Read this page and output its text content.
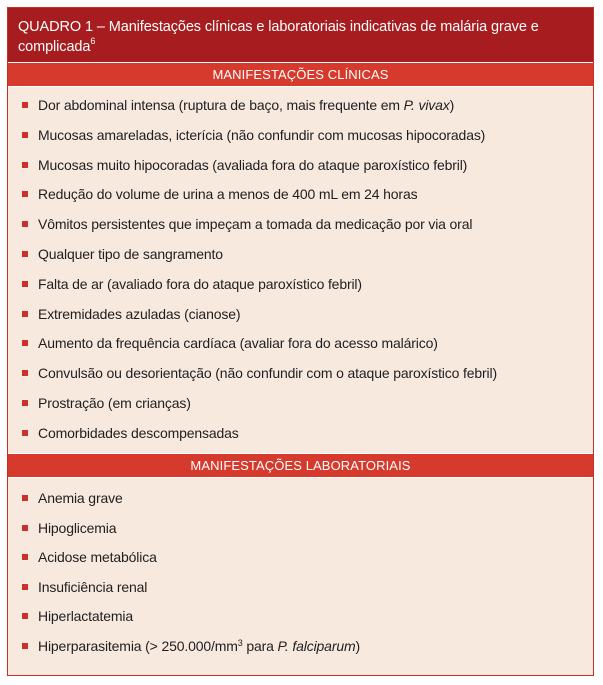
QUADRO 1 – Manifestações clínicas e laboratoriais indicativas de malária grave e complicada$^6$
MANIFESTAÇÕES CLÍNICAS
Dor abdominal intensa (ruptura de baço, mais frequente em P. vivax)
Mucosas amareladas, icterícia (não confundir com mucosas hipocoradas)
Mucosas muito hipocoradas (avaliada fora do ataque paroxístico febril)
Redução do volume de urina a menos de 400 mL em 24 horas
Vômitos persistentes que impeçam a tomada da medicação por via oral
Qualquer tipo de sangramento
Falta de ar (avaliado fora do ataque paroxístico febril)
Extremidades azuladas (cianose)
Aumento da frequência cardíaca (avaliar fora do acesso malárico)
Convulsão ou desorientação (não confundir com o ataque paroxístico febril)
Prostração (em crianças)
Comorbidades descompensadas
MANIFESTAÇÕES LABORATORIAIS
Anemia grave
Hipoglicemia
Acidose metabólica
Insuficiência renal
Hiperlactatemia
Hiperparasitemia (> $250.000/mm^3$ para P. falciparum)
